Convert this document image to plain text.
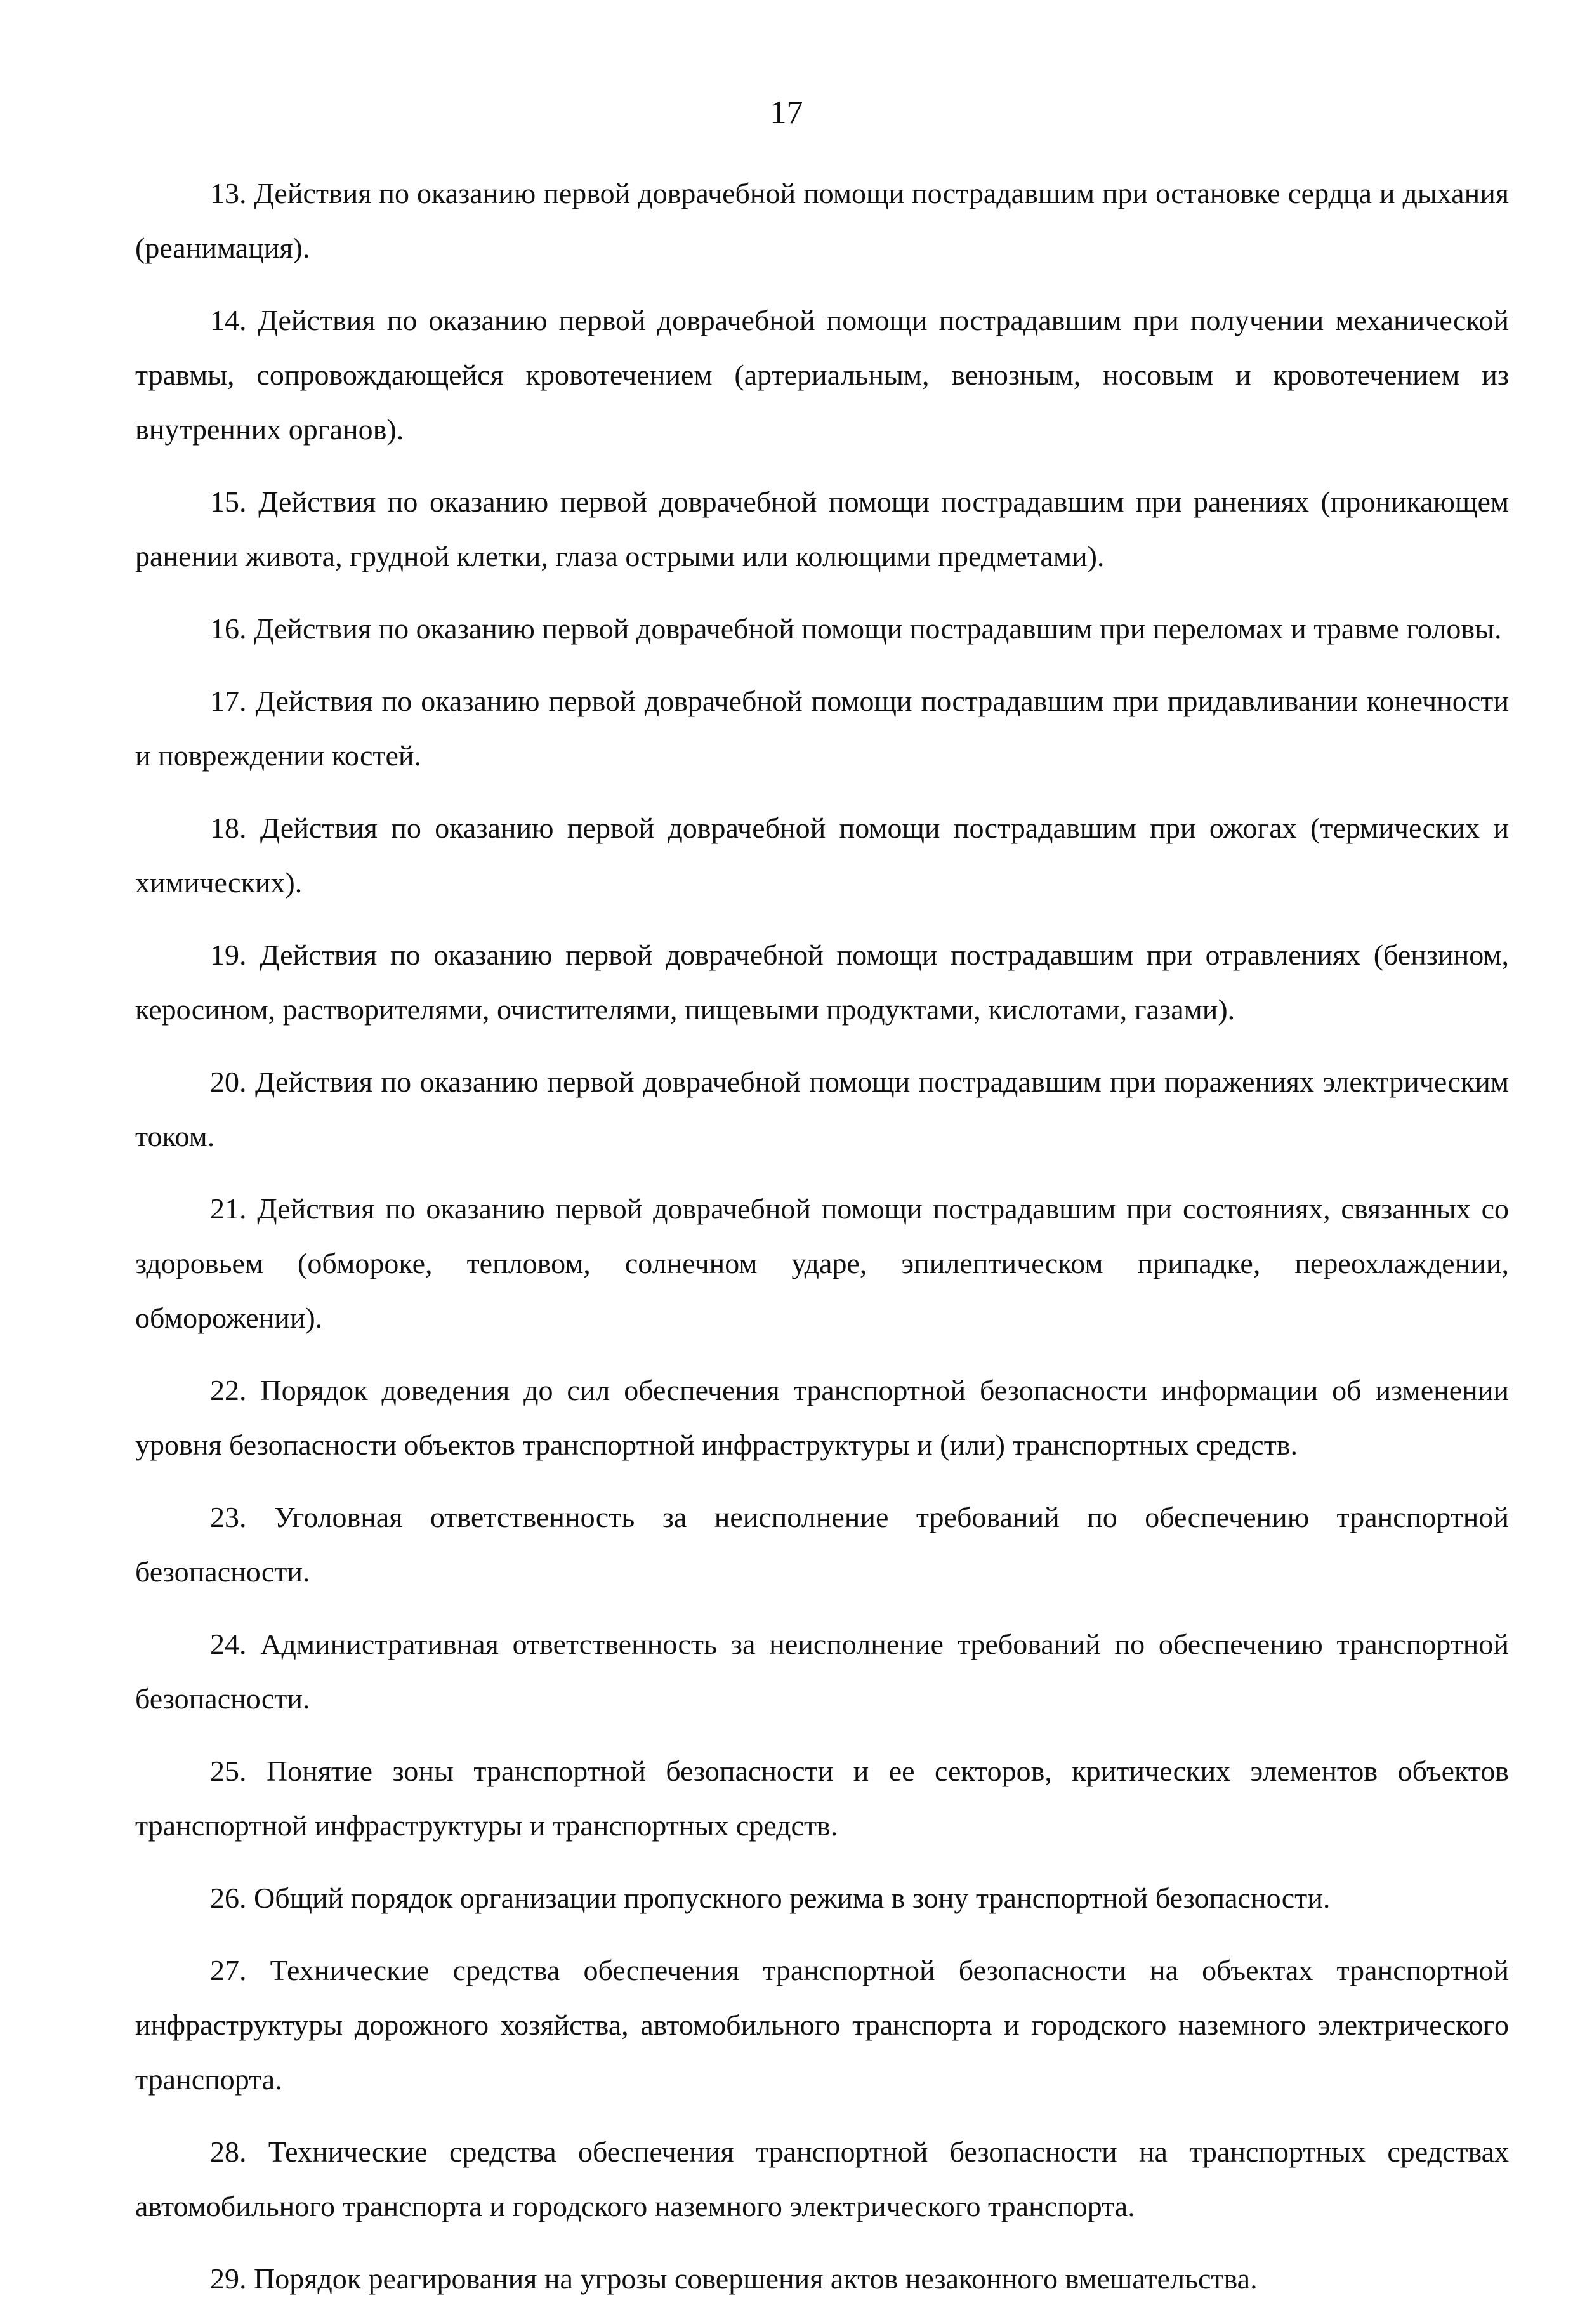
17

13. Действия по оказанию первой доврачебной помощи пострадавшим при остановке сердца и дыхания (реанимация).

14. Действия по оказанию первой доврачебной помощи пострадавшим при получении механической травмы, сопровождающейся кровотечением (артериальным, венозным, носовым и кровотечением из внутренних органов).

15. Действия по оказанию первой доврачебной помощи пострадавшим при ранениях (проникающем ранении живота, грудной клетки, глаза острыми или колющими предметами).

16. Действия по оказанию первой доврачебной помощи пострадавшим при переломах и травме головы.

17. Действия по оказанию первой доврачебной помощи пострадавшим при придавливании конечности и повреждении костей.

18. Действия по оказанию первой доврачебной помощи пострадавшим при ожогах (термических и химических).

19. Действия по оказанию первой доврачебной помощи пострадавшим при отравлениях (бензином, керосином, растворителями, очистителями, пищевыми продуктами, кислотами, газами).

20. Действия по оказанию первой доврачебной помощи пострадавшим при поражениях электрическим током.

21. Действия по оказанию первой доврачебной помощи пострадавшим при состояниях, связанных со здоровьем (обмороке, тепловом, солнечном ударе, эпилептическом припадке, переохлаждении, обморожении).

22. Порядок доведения до сил обеспечения транспортной безопасности информации об изменении уровня безопасности объектов транспортной инфраструктуры и (или) транспортных средств.

23. Уголовная ответственность за неисполнение требований по обеспечению транспортной безопасности.

24. Административная ответственность за неисполнение требований по обеспечению транспортной безопасности.

25. Понятие зоны транспортной безопасности и ее секторов, критических элементов объектов транспортной инфраструктуры и транспортных средств.

26. Общий порядок организации пропускного режима в зону транспортной безопасности.

27. Технические средства обеспечения транспортной безопасности на объектах транспортной инфраструктуры дорожного хозяйства, автомобильного транспорта и городского наземного электрического транспорта.

28. Технические средства обеспечения транспортной безопасности на транспортных средствах автомобильного транспорта и городского наземного электрического транспорта.

29. Порядок реагирования на угрозы совершения актов незаконного вмешательства.
